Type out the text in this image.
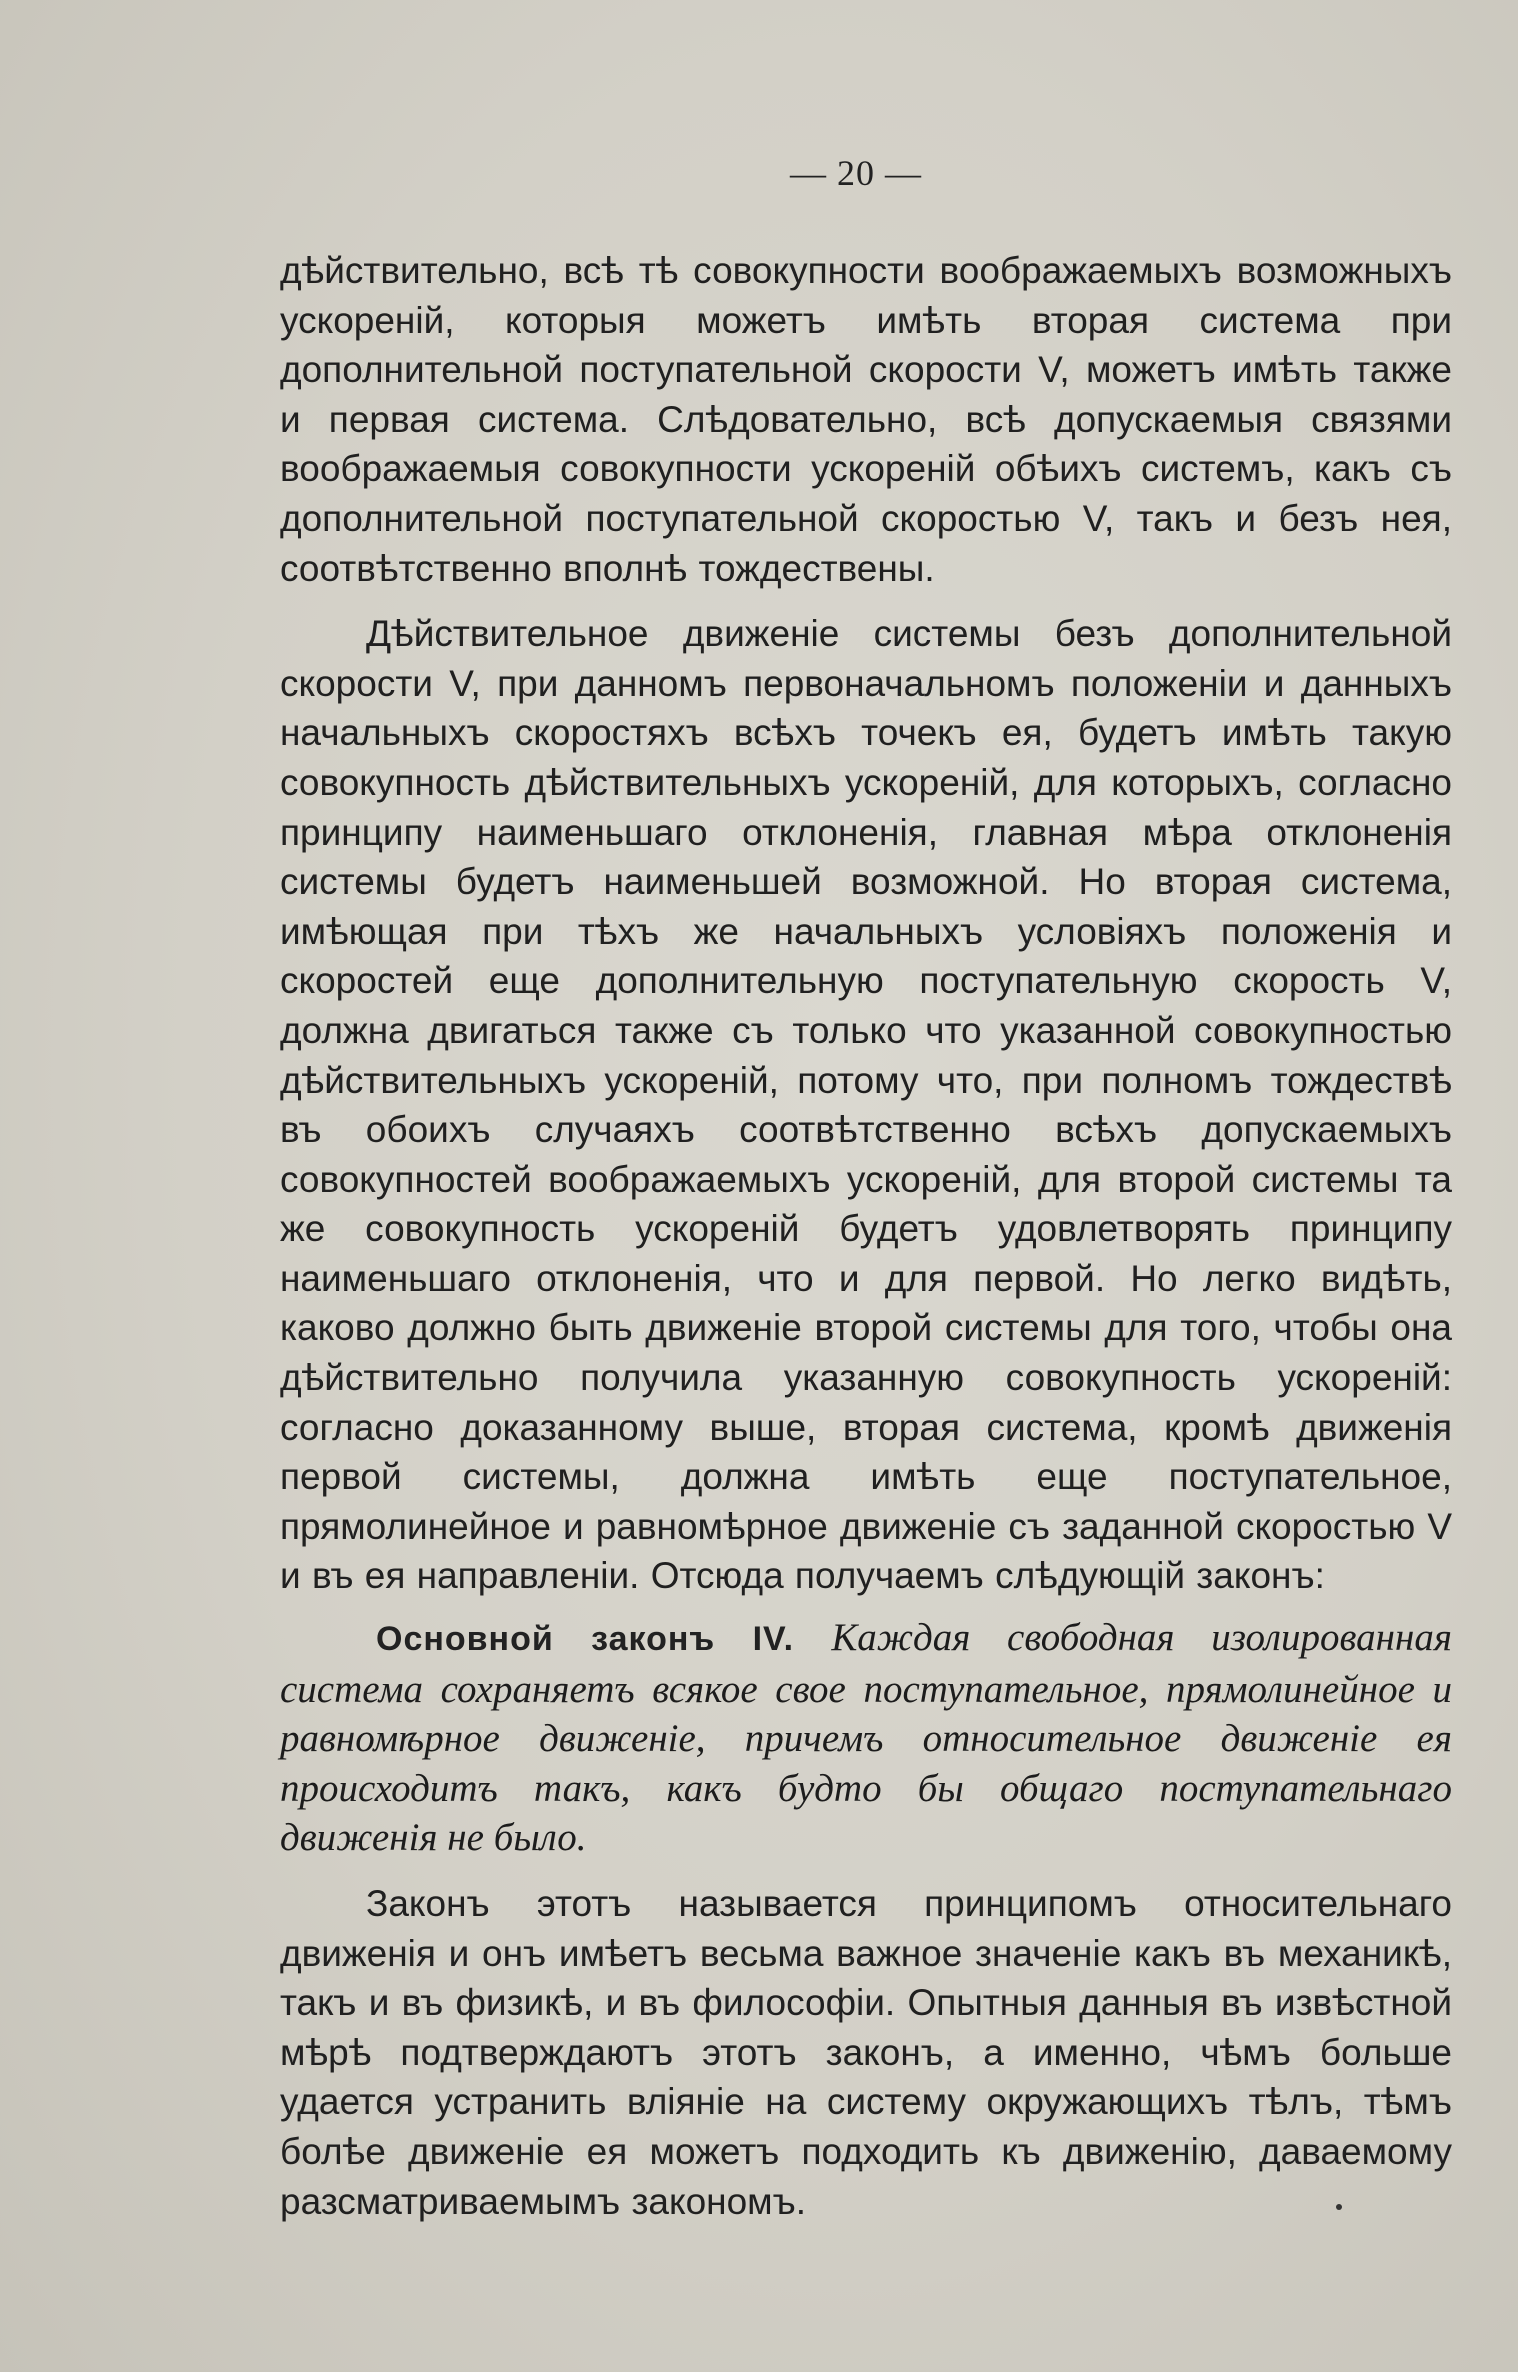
— 20 —

дѣйствительно, всѣ тѣ совокупности воображаемыхъ возможныхъ ускореній, которыя можетъ имѣть вторая система при дополнительной поступательной скорости V, можетъ имѣть также и первая система. Слѣдовательно, всѣ допускаемыя связями воображаемыя совокупности ускореній обѣихъ системъ, какъ съ дополнительной поступательной скоростью V, такъ и безъ нея, соотвѣтственно вполнѣ тождествены.

Дѣйствительное движеніе системы безъ дополнительной скорости V, при данномъ первоначальномъ положеніи и данныхъ начальныхъ скоростяхъ всѣхъ точекъ ея, будетъ имѣть такую совокупность дѣйствительныхъ ускореній, для которыхъ, согласно принципу наименьшаго отклоненія, главная мѣра отклоненія системы будетъ наименьшей возможной. Но вторая система, имѣющая при тѣхъ же начальныхъ условіяхъ положенія и скоростей еще дополнительную поступательную скорость V, должна двигаться также съ только что указанной совокупностью дѣйствительныхъ ускореній, потому что, при полномъ тождествѣ въ обоихъ случаяхъ соотвѣтственно всѣхъ допускаемыхъ совокупностей воображаемыхъ ускореній, для второй системы та же совокупность ускореній будетъ удовлетворять принципу наименьшаго отклоненія, что и для первой. Но легко видѣть, каково должно быть движеніе второй системы для того, чтобы она дѣйствительно получила указанную совокупность ускореній: согласно доказанному выше, вторая система, кромѣ движенія первой системы, должна имѣть еще поступательное, прямолинейное и равномѣрное движеніе съ заданной скоростью V и въ ея направленіи. Отсюда получаемъ слѣдующій законъ:

Основной законъ IV. Каждая свободная изолированная система сохраняетъ всякое свое поступательное, прямолинейное и равномѣрное движеніе, причемъ относительное движеніе ея происходитъ такъ, какъ будто бы общаго поступательнаго движенія не было.

Законъ этотъ называется принципомъ относительнаго движенія и онъ имѣетъ весьма важное значеніе какъ въ механикѣ, такъ и въ физикѣ, и въ философіи. Опытныя данныя въ извѣстной мѣрѣ подтверждаютъ этотъ законъ, а именно, чѣмъ больше удается устранить вліяніе на систему окружающихъ тѣлъ, тѣмъ болѣе движеніе ея можетъ подходить къ движенію, даваемому разсматриваемымъ закономъ.
